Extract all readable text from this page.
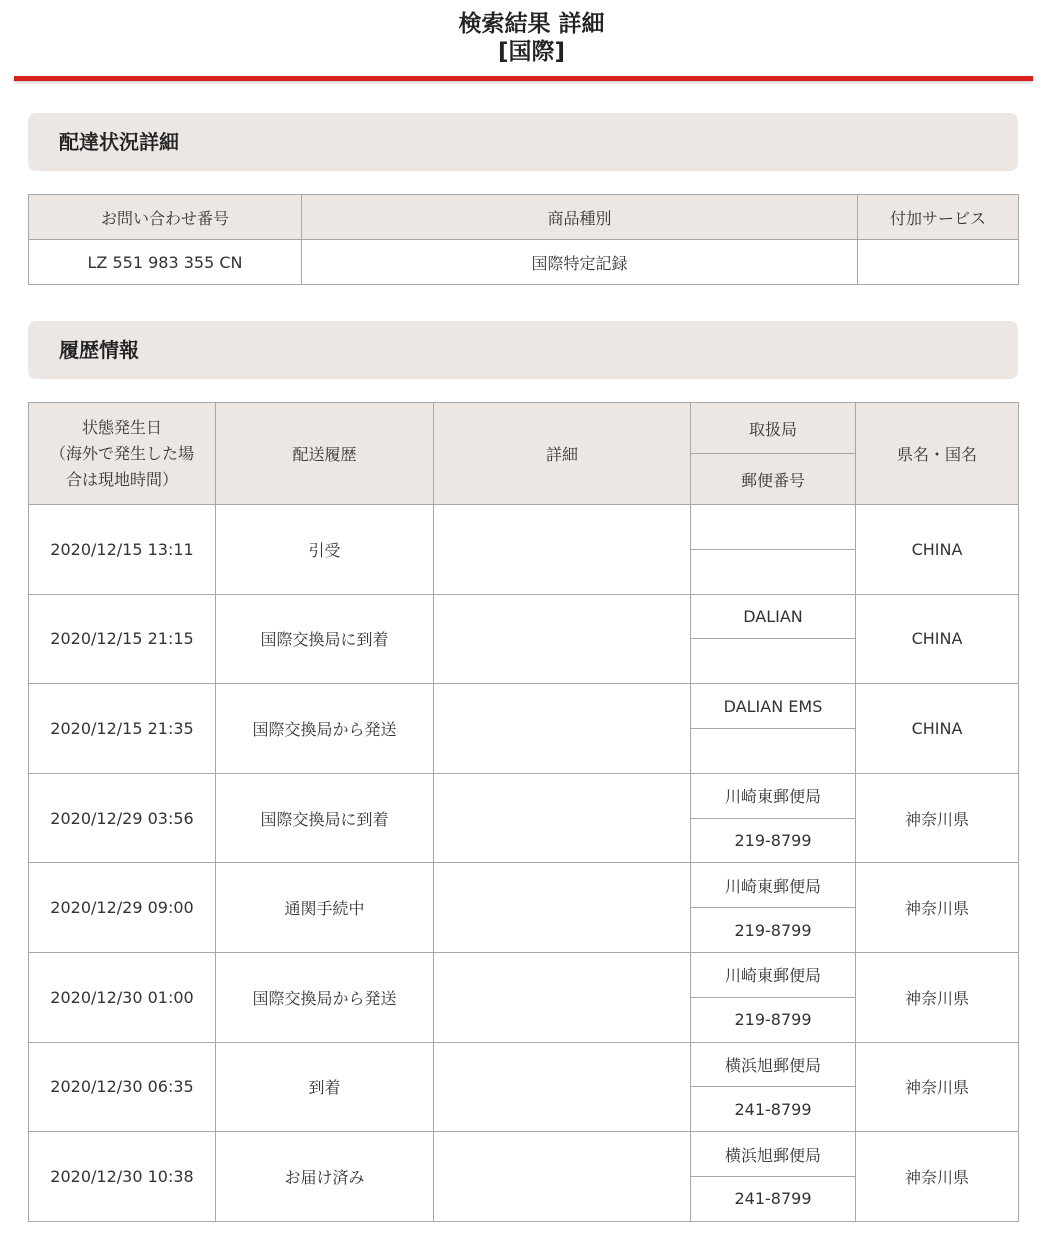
検索結果 詳細
[国際]
配達状況詳細
お問い合わせ番号	商品種別	付加サービス
LZ 551 983 355 CN	国際特定記録	
履歴情報
状態発生日
（海外で発生した場
合は現地時間）	配送履歴	詳細	取扱局	県名・国名
			郵便番号	
2020/12/15 13:11	引受			CHINA

2020/12/15 21:15	国際交換局に到着		DALIAN	CHINA

2020/12/15 21:35	国際交換局から発送		DALIAN EMS	CHINA

2020/12/29 03:56	国際交換局に到着		川崎東郵便局	神奈川県
			219-8799	
2020/12/29 09:00	通関手続中		川崎東郵便局	神奈川県
			219-8799	
2020/12/30 01:00	国際交換局から発送		川崎東郵便局	神奈川県
			219-8799	
2020/12/30 06:35	到着		横浜旭郵便局	神奈川県
			241-8799	
2020/12/30 10:38	お届け済み		横浜旭郵便局	神奈川県
			241-8799	
